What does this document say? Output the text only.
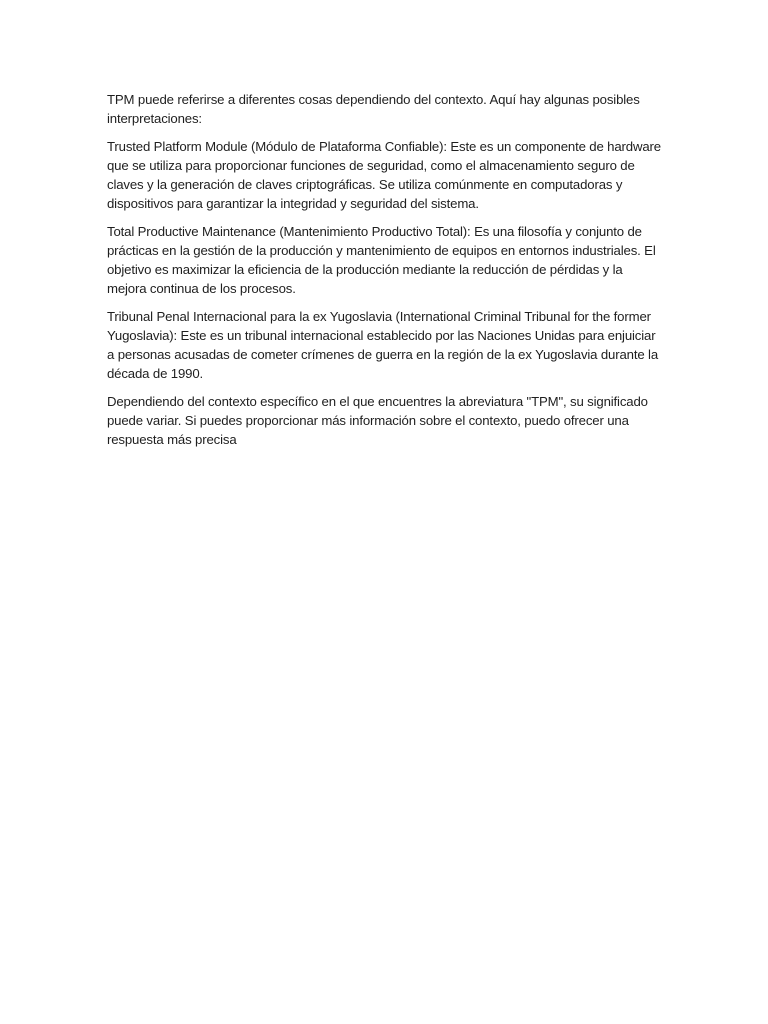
TPM puede referirse a diferentes cosas dependiendo del contexto. Aquí hay algunas posibles interpretaciones:

Trusted Platform Module (Módulo de Plataforma Confiable): Este es un componente de hardware que se utiliza para proporcionar funciones de seguridad, como el almacenamiento seguro de claves y la generación de claves criptográficas. Se utiliza comúnmente en computadoras y dispositivos para garantizar la integridad y seguridad del sistema.

Total Productive Maintenance (Mantenimiento Productivo Total): Es una filosofía y conjunto de prácticas en la gestión de la producción y mantenimiento de equipos en entornos industriales. El objetivo es maximizar la eficiencia de la producción mediante la reducción de pérdidas y la mejora continua de los procesos.

Tribunal Penal Internacional para la ex Yugoslavia (International Criminal Tribunal for the former Yugoslavia): Este es un tribunal internacional establecido por las Naciones Unidas para enjuiciar a personas acusadas de cometer crímenes de guerra en la región de la ex Yugoslavia durante la década de 1990.

Dependiendo del contexto específico en el que encuentres la abreviatura "TPM", su significado puede variar. Si puedes proporcionar más información sobre el contexto, puedo ofrecer una respuesta más precisa
